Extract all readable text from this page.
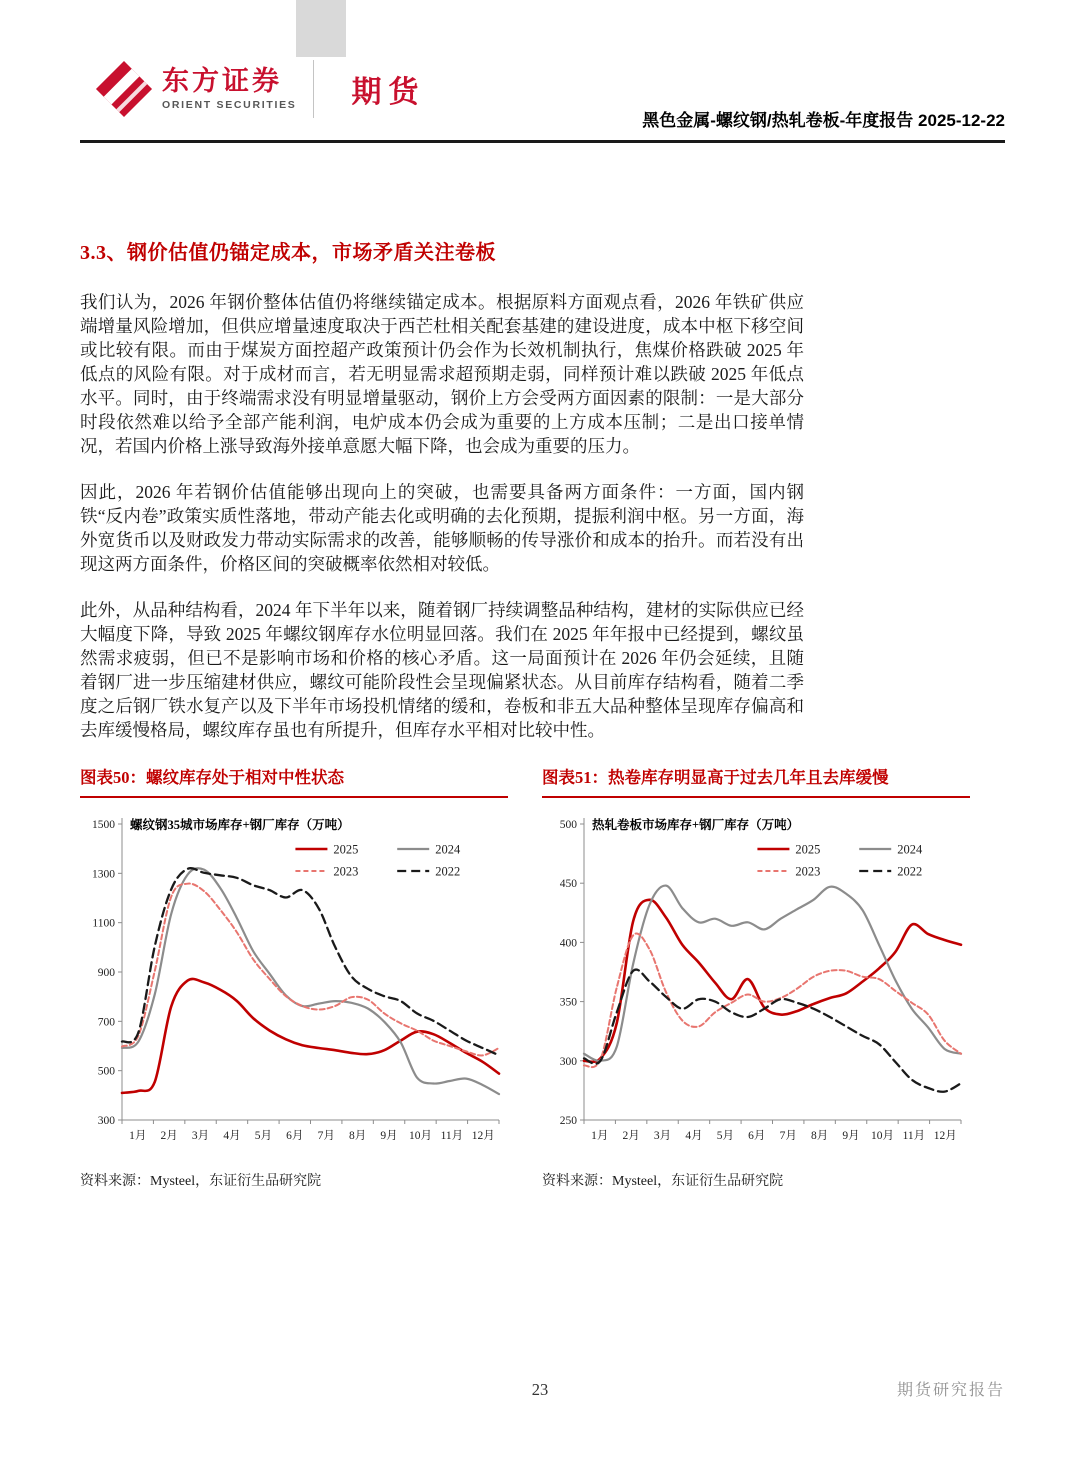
东方证券
ORIENT SECURITIES 期货
黑色金属-螺纹钢/热轧卷板-年度报告 2025-12-22
3.3、钢价估值仍锚定成本，市场矛盾关注卷板

我们认为，2026 年钢价整体估值仍将继续锚定成本。根据原料方面观点看，2026 年铁矿供应端增量风险增加，但供应增量速度取决于西芒杜相关配套基建的建设进度，成本中枢下移空间或比较有限。而由于煤炭方面控超产政策预计仍会作为长效机制执行，焦煤价格跌破 2025 年低点的风险有限。对于成材而言，若无明显需求超预期走弱，同样预计难以跌破 2025 年低点水平。同时，由于终端需求没有明显增量驱动，钢价上方会受两方面因素的限制：一是大部分时段依然难以给予全部产能利润，电炉成本仍会成为重要的上方成本压制；二是出口接单情况，若国内价格上涨导致海外接单意愿大幅下降，也会成为重要的压力。

因此，2026 年若钢价估值能够出现向上的突破，也需要具备两方面条件：一方面，国内钢铁“反内卷”政策实质性落地，带动产能去化或明确的去化预期，提振利润中枢。另一方面，海外宽货币以及财政发力带动实际需求的改善，能够顺畅的传导涨价和成本的抬升。而若没有出现这两方面条件，价格区间的突破概率依然相对较低。

此外，从品种结构看，2024 年下半年以来，随着钢厂持续调整品种结构，建材的实际供应已经大幅度下降，导致 2025 年螺纹钢库存水位明显回落。我们在 2025 年年报中已经提到，螺纹虽然需求疲弱，但已不是影响市场和价格的核心矛盾。这一局面预计在 2026 年仍会延续，且随着钢厂进一步压缩建材供应，螺纹可能阶段性会呈现偏紧状态。从目前库存结构看，随着二季度之后钢厂铁水复产以及下半年市场投机情绪的缓和，卷板和非五大品种整体呈现库存偏高和去库缓慢格局，螺纹库存虽也有所提升，但库存水平相对比较中性。

图表50：螺纹库存处于相对中性状态
300
500
700
900
1100
1300
1500
1月 2月 3月 4月 5月 6月 7月 8月 9月 10月 11月 12月
螺纹钢35城市场库存+钢厂库存（万吨）
2025	2024
2023	2022
资料来源：Mysteel，东证衍生品研究院
图表51：热卷库存明显高于过去几年且去库缓慢
250
300
350
400
450
500
1月 2月 3月 4月 5月 6月 7月 8月 9月 10月 11月 12月
热轧卷板市场库存+钢厂库存（万吨）
2025	2024
2023	2022
资料来源：Mysteel，东证衍生品研究院
23	期货研究报告
